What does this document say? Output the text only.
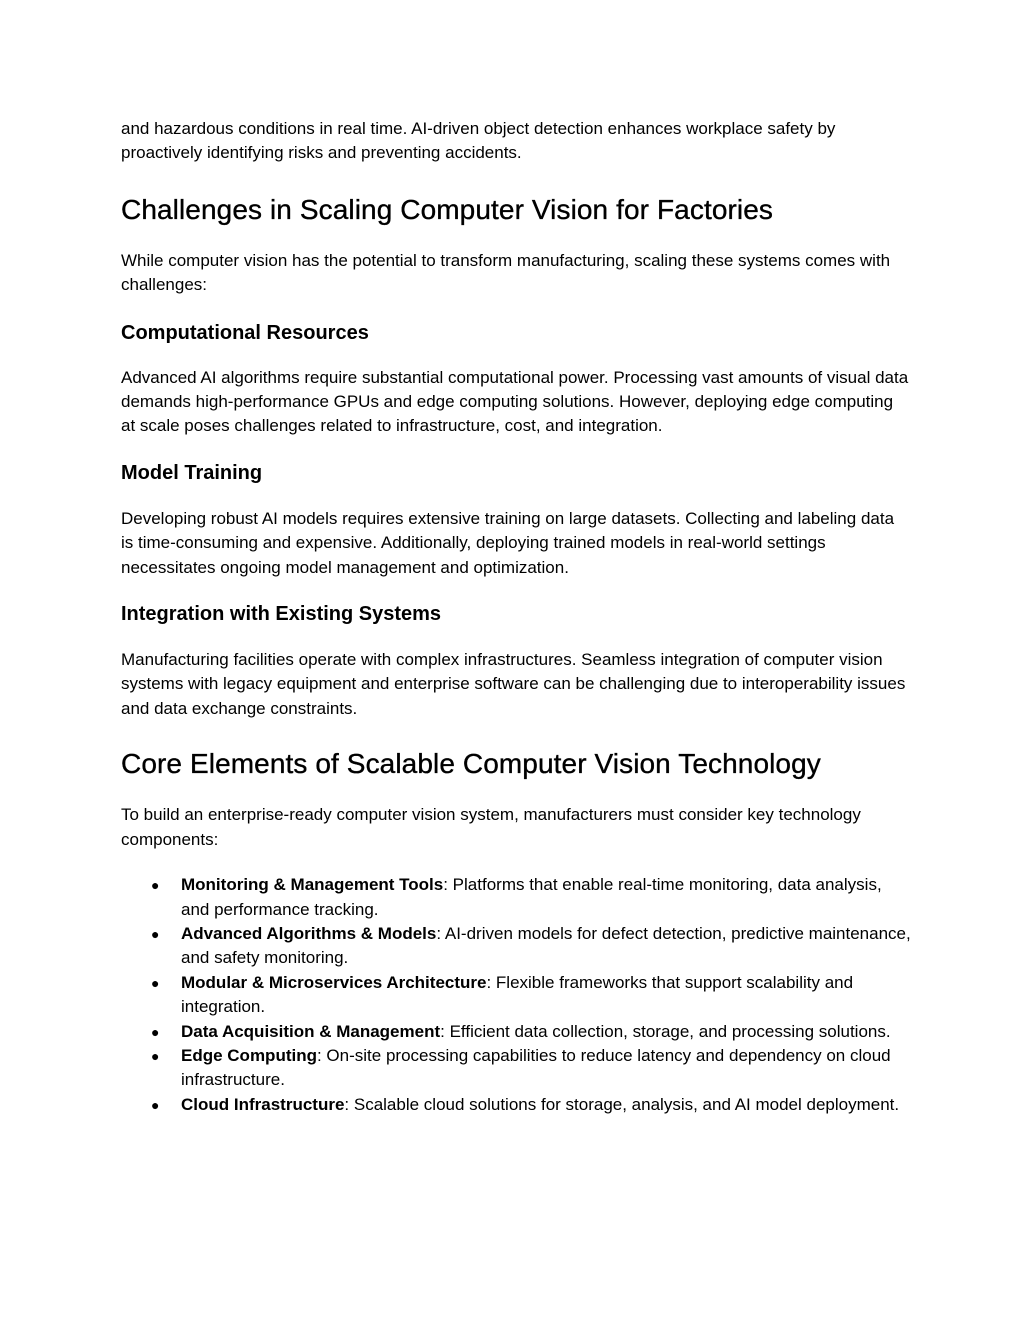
and hazardous conditions in real time. AI-driven object detection enhances workplace safety by proactively identifying risks and preventing accidents.

Challenges in Scaling Computer Vision for Factories

While computer vision has the potential to transform manufacturing, scaling these systems comes with challenges:

Computational Resources

Advanced AI algorithms require substantial computational power. Processing vast amounts of visual data demands high-performance GPUs and edge computing solutions. However, deploying edge computing at scale poses challenges related to infrastructure, cost, and integration.

Model Training

Developing robust AI models requires extensive training on large datasets. Collecting and labeling data is time-consuming and expensive. Additionally, deploying trained models in real-world settings necessitates ongoing model management and optimization.

Integration with Existing Systems

Manufacturing facilities operate with complex infrastructures. Seamless integration of computer vision systems with legacy equipment and enterprise software can be challenging due to interoperability issues and data exchange constraints.

Core Elements of Scalable Computer Vision Technology

To build an enterprise-ready computer vision system, manufacturers must consider key technology components:

● Monitoring & Management Tools: Platforms that enable real-time monitoring, data analysis, and performance tracking.
● Advanced Algorithms & Models: AI-driven models for defect detection, predictive maintenance, and safety monitoring.
● Modular & Microservices Architecture: Flexible frameworks that support scalability and integration.
● Data Acquisition & Management: Efficient data collection, storage, and processing solutions.
● Edge Computing: On-site processing capabilities to reduce latency and dependency on cloud infrastructure.
● Cloud Infrastructure: Scalable cloud solutions for storage, analysis, and AI model deployment.
